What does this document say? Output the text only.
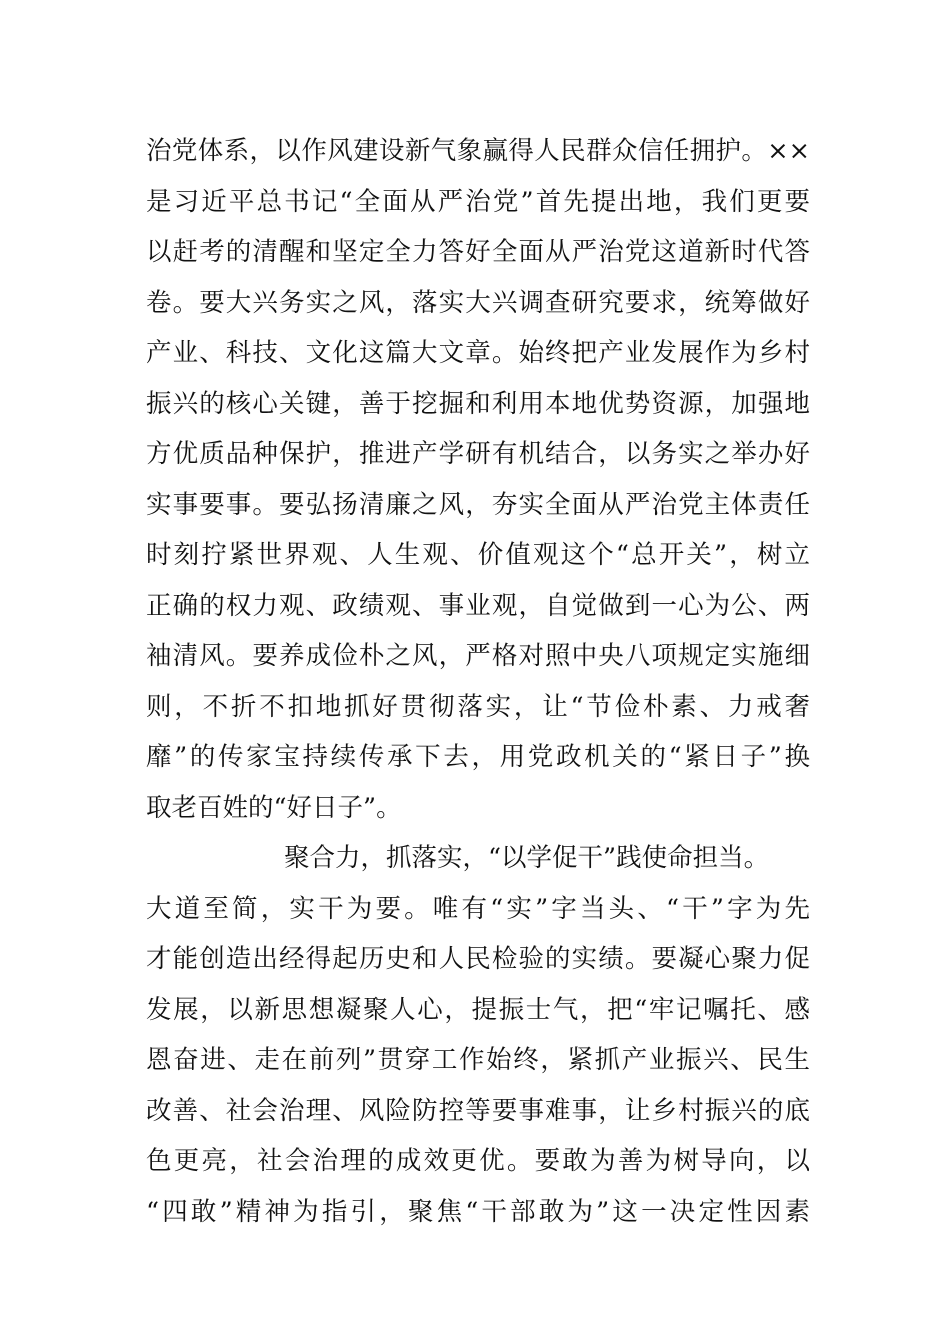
治党体系，以作风建设新气象赢得人民群众信任拥护。××
是习近平总书记“全面从严治党”首先提出地，我们更要
以赶考的清醒和坚定全力答好全面从严治党这道新时代答
卷。要大兴务实之风，落实大兴调查研究要求，统筹做好
产业、科技、文化这篇大文章。始终把产业发展作为乡村
振兴的核心关键，善于挖掘和利用本地优势资源，加强地
方优质品种保护，推进产学研有机结合，以务实之举办好
实事要事。要弘扬清廉之风，夯实全面从严治党主体责任
时刻拧紧世界观、人生观、价值观这个“总开关”，树立
正确的权力观、政绩观、事业观，自觉做到一心为公、两
袖清风。要养成俭朴之风，严格对照中央八项规定实施细
则，不折不扣地抓好贯彻落实，让“节俭朴素、力戒奢
靡”的传家宝持续传承下去，用党政机关的“紧日子”换
取老百姓的“好日子”。
聚合力，抓落实，“以学促干”践使命担当。
大道至简，实干为要。唯有“实”字当头、“干”字为先
才能创造出经得起历史和人民检验的实绩。要凝心聚力促
发展，以新思想凝聚人心，提振士气，把“牢记嘱托、感
恩奋进、走在前列”贯穿工作始终，紧抓产业振兴、民生
改善、社会治理、风险防控等要事难事，让乡村振兴的底
色更亮，社会治理的成效更优。要敢为善为树导向，以
“四敢”精神为指引，聚焦“干部敢为”这一决定性因素
